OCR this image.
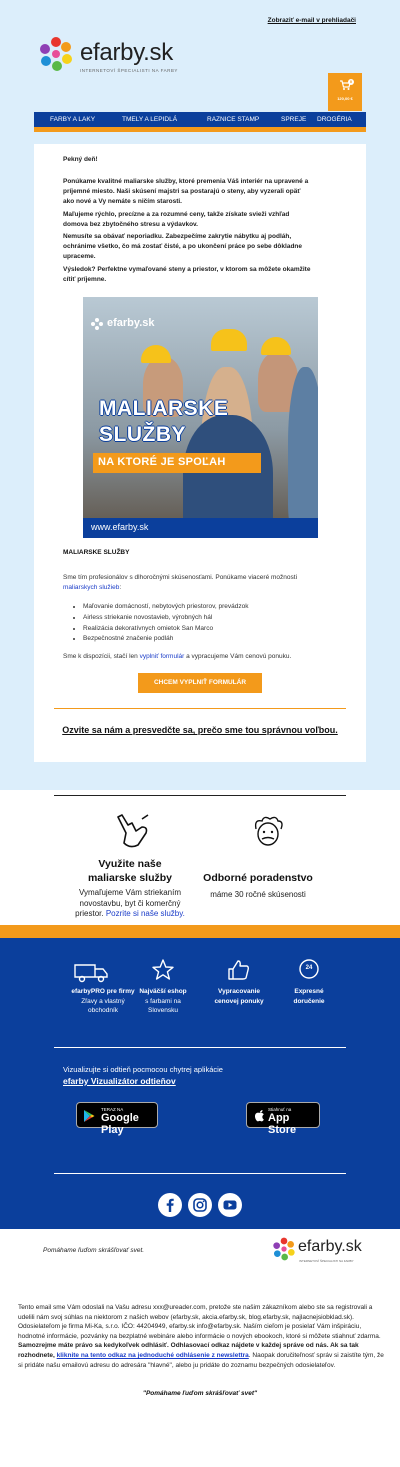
Zobraziť e-mail v prehliadači
efarby.sk
INTERNETOVÍ ŠPECIALISTI NA FARBY
0
120,00 €
FARBY A LAKY	TMELY A LEPIDLÁ	RAZNICE STAMP	SPREJE DROGÉRIA
Pekný deň!
Ponúkame kvalitné maliarske služby, ktoré premenia Váš interiér na upravené a
príjemné miesto. Naši skúsení majstri sa postarajú o steny, aby vyzerali opäť
ako nové a Vy nemáte s ničím starosti.
Maľujeme rýchlo, precízne a za rozumné ceny, takže získate svieži vzhľad
domova bez zbytočného stresu a výdavkov.
Nemusíte sa obávať neporiadku. Zabezpečíme zakrytie nábytku aj podláh,
ochránime všetko, čo má zostať čisté, a po ukončení práce po sebe dôkladne
upraceme.
Výsledok? Perfektne vymaľované steny a priestor, v ktorom sa môžete okamžite
cítiť príjemne.
efarby.sk
MALIARSKE
SLUŽBY
NA KTORÉ JE SPOĽAH
www.efarby.sk
MALIARSKE SLUŽBY
Sme tím profesionálov s dlhoročnými skúsenosťami. Ponúkame viaceré možnosti
maliarskych služieb:
• Maľovanie domácností, nebytových priestorov, prevádzok
• Airless striekanie novostavieb, výrobných hál
• Realizácia dekoratívnych omietok San Marco
• Bezpečnostné značenie podláh
Sme k dispozícii, stačí len vyplniť formulár a vypracujeme Vám cenovú ponuku.
CHCEM VYPLNIŤ FORMULÁR
Ozvite sa nám a presvedčte sa, prečo sme tou správnou voľbou.
Využite naše
maliarske služby
Vymaľujeme Vám striekaním
novostavbu, byt či komerčný
priestor. Pozrite si naše služby.
Odborné poradenstvo
máme 30 ročné skúsenosti
24
efarbyPRO pre firmy
Zľavy a vlastný
obchodník
Najväčší eshop
s farbami na
Slovensku
Vypracovanie
cenovej ponuky
Expresné
doručenie
Vizualizujte si odtieň pocmocou chytrej aplikácie
efarby Vizualizátor odtieňov
TERAZ NA
Google Play
Stiahnuť na
App Store
Pomáhame ľuďom skrášľovať svet.	efarby.sk
INTERNETOVÍ ŠPECIALISTI NA FARBY
Tento email sme Vám odoslali na Vašu adresu xxx@ureader.com, pretože ste našim zákazníkom alebo ste sa registrovali a udelili nám svoj súhlas na niektorom z našich webov (efarby.sk, akcia.efarby.sk, blog.efarby.sk, najlacnejsiobklad.sk). Odosielateľom je firma Mi-Ka, s.r.o. IČO: 44204949, efarby.sk info@efarby.sk. Naším cieľom je posielať Vám inšpiráciu, hodnotné informácie, pozvánky na bezplatné webináre alebo informácie o nových ebookoch, ktoré si môžete stiahnuť zdarma.
Samozrejme máte právo sa kedykoľvek odhlásiť. Odhlasovací odkaz nájdete v každej správe od nás. Ak sa tak rozhodnete, kliknite na tento odkaz na jednoduché odhlásenie z newslettra. Naopak doručiteľnosť správ si zaistíte tým, že si pridáte našu emailovú adresu do adresára "hlavné", alebo ju pridáte do zoznamu bezpečných odosielateľov.
"Pomáhame ľuďom skrášľovať svet"
